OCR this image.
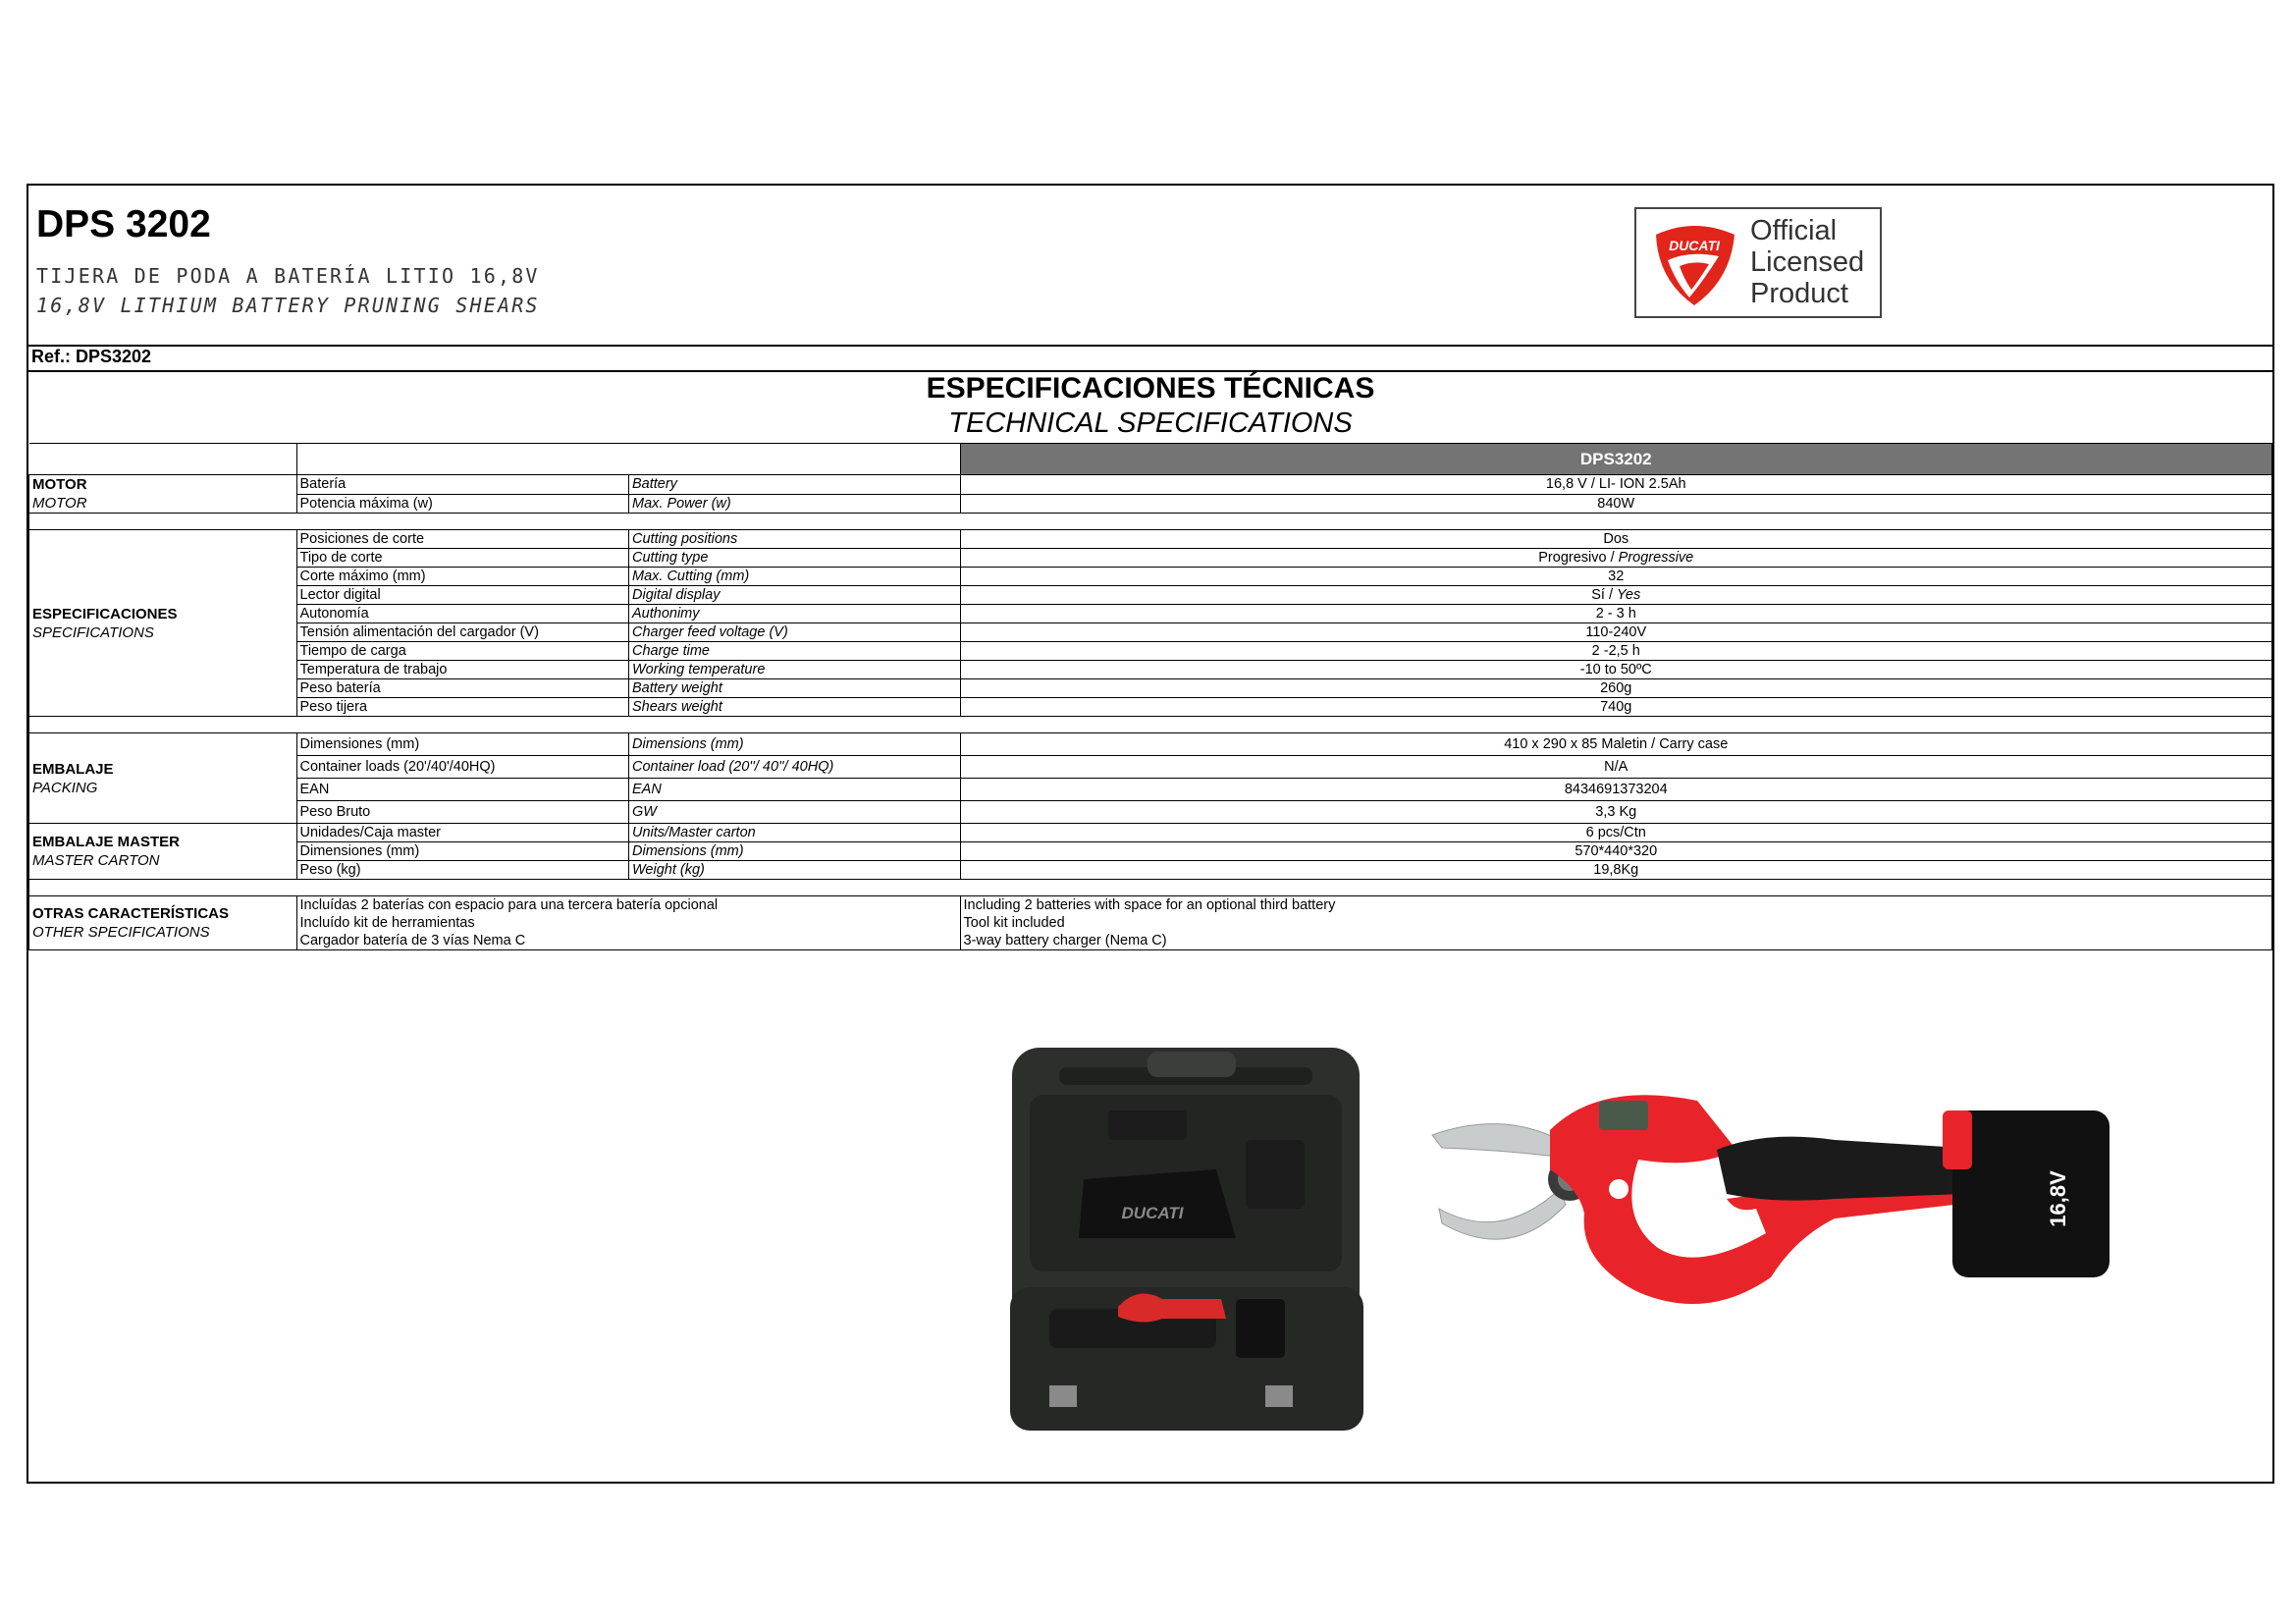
DPS 3202
TIJERA DE PODA A BATERÍA LITIO 16,8V
16,8V LITHIUM BATTERY PRUNING SHEARS
DUCATI Official
Licensed
Product
Ref.: DPS3202
ESPECIFICACIONES TÉCNICAS
TECHNICAL SPECIFICATIONS
			DPS3202

MOTOR
MOTOR	Batería	Battery	16,8 V / LI- ION 2.5Ah
	Potencia máxima (w)	Max. Power (w)	840W

ESPECIFICACIONES
SPECIFICATIONS	Posiciones de corte	Cutting positions	Dos
	Tipo de corte	Cutting type	Progresivo / Progressive
	Corte máximo (mm)	Max. Cutting (mm)	32
	Lector digital	Digital display	Sí / Yes
	Autonomía	Authonimy	2 - 3 h
	Tensión alimentación del cargador (V)	Charger feed voltage (V)	110-240V
	Tiempo de carga	Charge time	2 -2,5 h
	Temperatura de trabajo	Working temperature	-10 to 50ºC
	Peso batería	Battery weight	260g
	Peso tijera	Shears weight	740g

EMBALAJE
PACKING	Dimensiones (mm)	Dimensions (mm)	410 x 290 x 85 Maletin / Carry case
	Container loads (20'/40'/40HQ)	Container load (20''/ 40''/ 40HQ)	N/A
	EAN	EAN	8434691373204
	Peso Bruto	GW	3,3 Kg

EMBALAJE MASTER
MASTER CARTON	Unidades/Caja master	Units/Master carton	6 pcs/Ctn
	Dimensiones (mm)	Dimensions (mm)	570*440*320
	Peso (kg)	Weight (kg)	19,8Kg

OTRAS CARACTERÍSTICAS
OTHER SPECIFICATIONS	Incluídas 2 baterías con espacio para una tercera batería opcional		Including 2 batteries with space for an optional third battery
	Incluído kit de herramientas		Tool kit included
	Cargador batería de 3 vías Nema C		3-way battery charger (Nema C)
DUCATI	16,8V
